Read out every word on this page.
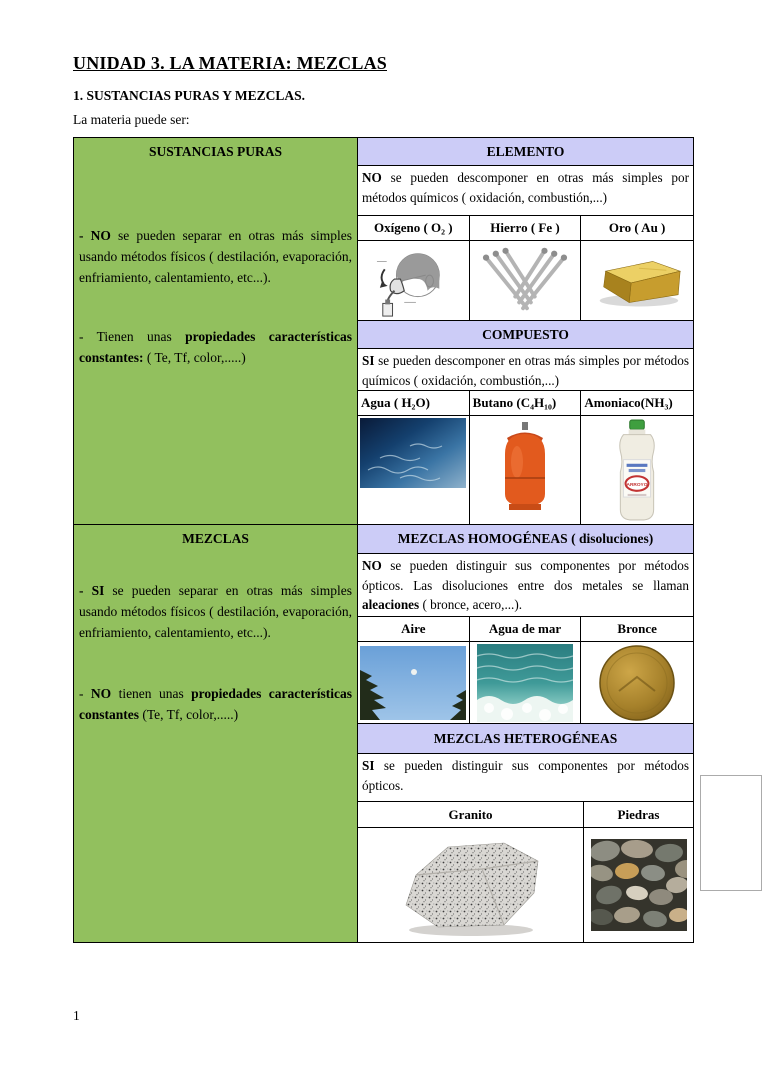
UNIDAD 3. LA MATERIA: MEZCLAS
1. SUSTANCIAS PURAS Y MEZCLAS.

La materia puede ser:

SUSTANCIAS PURAS

- NO se pueden separar en otras más simples usando métodos físicos ( destilación, evaporación, enfriamiento, calentamiento, etc...).

- Tienen unas propiedades características constantes: ( Te, Tf, color,.....)

MEZCLAS

- SI se pueden separar en otras más simples usando métodos físicos ( destilación, evaporación, enfriamiento, calentamiento, etc...).

- NO tienen unas propiedades características constantes (Te, Tf, color,.....)

ELEMENTO
NO se pueden descomponer en otras más simples por métodos químicos ( oxidación, combustión,...)
Oxígeno ( O₂ )	Hierro ( Fe )	Oro ( Au )
COMPUESTO
SI se pueden descomponer en otras más simples por métodos químicos ( oxidación, combustión,...)
Agua ( H₂O)	Butano (C₄H₁₀)	Amoniaco(NH₃)
ARROYO
MEZCLAS HOMOGÉNEAS ( disoluciones)
NO se pueden distinguir sus componentes por métodos ópticos. Las disoluciones entre dos metales se llaman aleaciones ( bronce, acero,...).
Aire	Agua de mar	Bronce
MEZCLAS HETEROGÉNEAS
SI se pueden distinguir sus componentes por métodos ópticos.
Granito	Piedras
1
